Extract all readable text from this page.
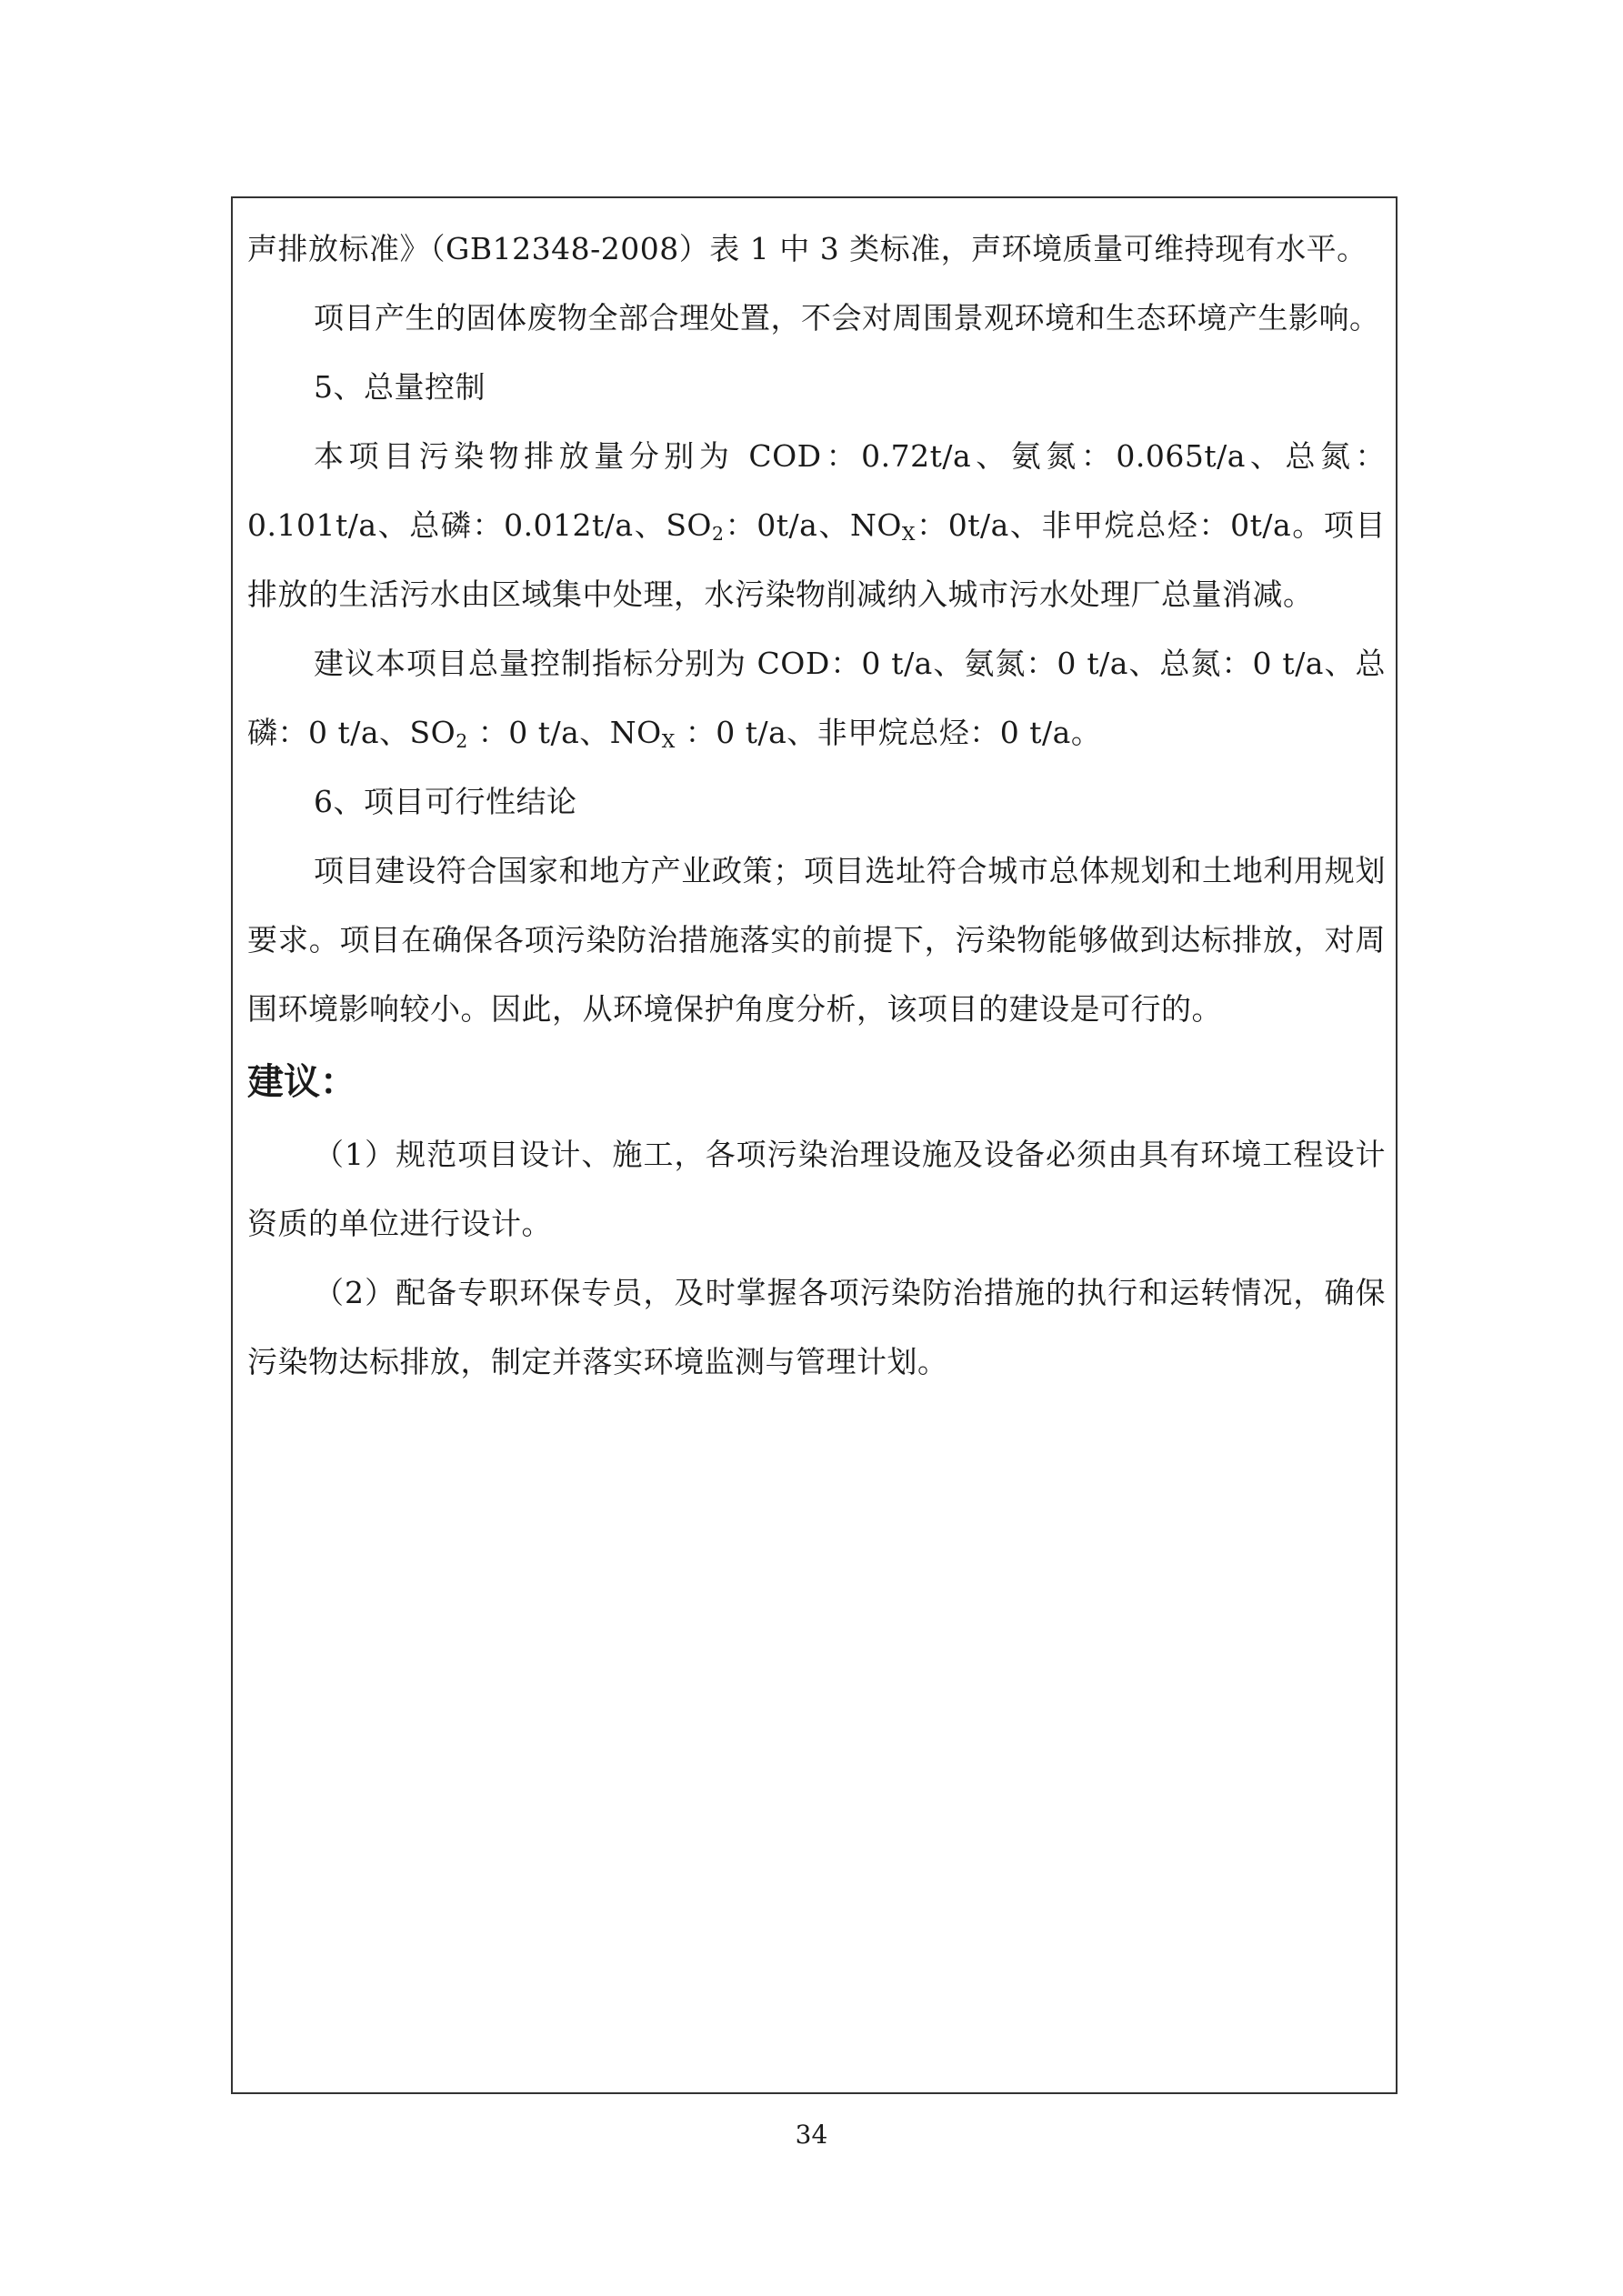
声排放标准》（GB12348-2008）表 1 中 3 类标准，声环境质量可维持现有水平。

项目产生的固体废物全部合理处置，不会对周围景观环境和生态环境产生影响。

5、总量控制

本项目污染物排放量分别为 COD：0.72t/a、氨氮：0.065t/a、总氮：0.101t/a、总磷：0.012t/a、$SO_2$：0t/a、$NO_X$：0t/a、非甲烷总烃：0t/a。项目排放的生活污水由区域集中处理，水污染物削减纳入城市污水处理厂总量消减。

建议本项目总量控制指标分别为 COD：0 t/a、氨氮：0 t/a、总氮：0 t/a、总磷：0 t/a、$SO_2$ ：0 t/a、$NO_X$ ：0 t/a、非甲烷总烃：0 t/a。

6、项目可行性结论

项目建设符合国家和地方产业政策；项目选址符合城市总体规划和土地利用规划要求。项目在确保各项污染防治措施落实的前提下，污染物能够做到达标排放，对周围环境影响较小。因此，从环境保护角度分析，该项目的建设是可行的。

建议：

（1）规范项目设计、施工，各项污染治理设施及设备必须由具有环境工程设计资质的单位进行设计。

（2）配备专职环保专员，及时掌握各项污染防治措施的执行和运转情况，确保污染物达标排放，制定并落实环境监测与管理计划。

34
